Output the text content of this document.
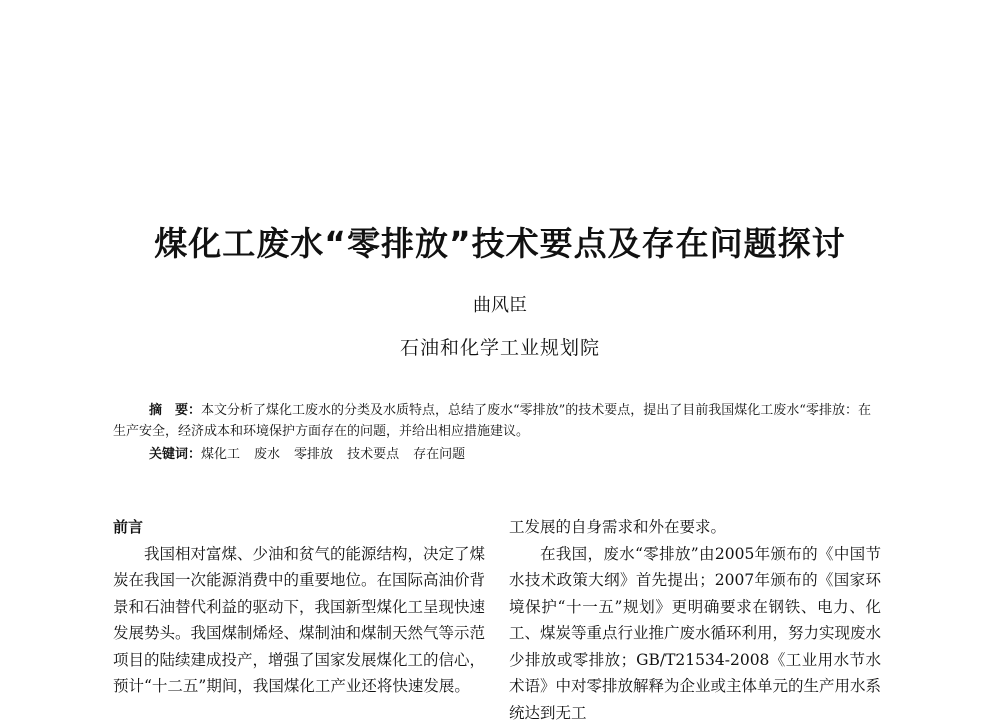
煤化工废水“零排放”技术要点及存在问题探讨

曲风臣

石油和化学工业规划院

摘　要：本文分析了煤化工废水的分类及水质特点，总结了废水“零排放”的技术要点，提出了目前我国煤化工废水“零排放：在生产安全，经济成本和环境保护方面存在的问题，并给出相应措施建议。

关键词：煤化工 废水 零排放 技术要点 存在问题

前言

我国相对富煤、少油和贫气的能源结构，决定了煤炭在我国一次能源消费中的重要地位。在国际高油价背景和石油替代利益的驱动下，我国新型煤化工呈现快速发展势头。我国煤制烯烃、煤制油和煤制天然气等示范项目的陆续建成投产，增强了国家发展煤化工的信心，预计“十二五”期间，我国煤化工产业还将快速发展。

工发展的自身需求和外在要求。

在我国，废水“零排放”由2005年颁布的《中国节水技术政策大纲》首先提出；2007年颁布的《国家环境保护“十一五”规划》更明确要求在钢铁、电力、化工、煤炭等重点行业推广废水循环利用，努力实现废水少排放或零排放；GB/T21534-2008《工业用水节水术语》中对零排放解释为企业或主体单元的生产用水系统达到无工
